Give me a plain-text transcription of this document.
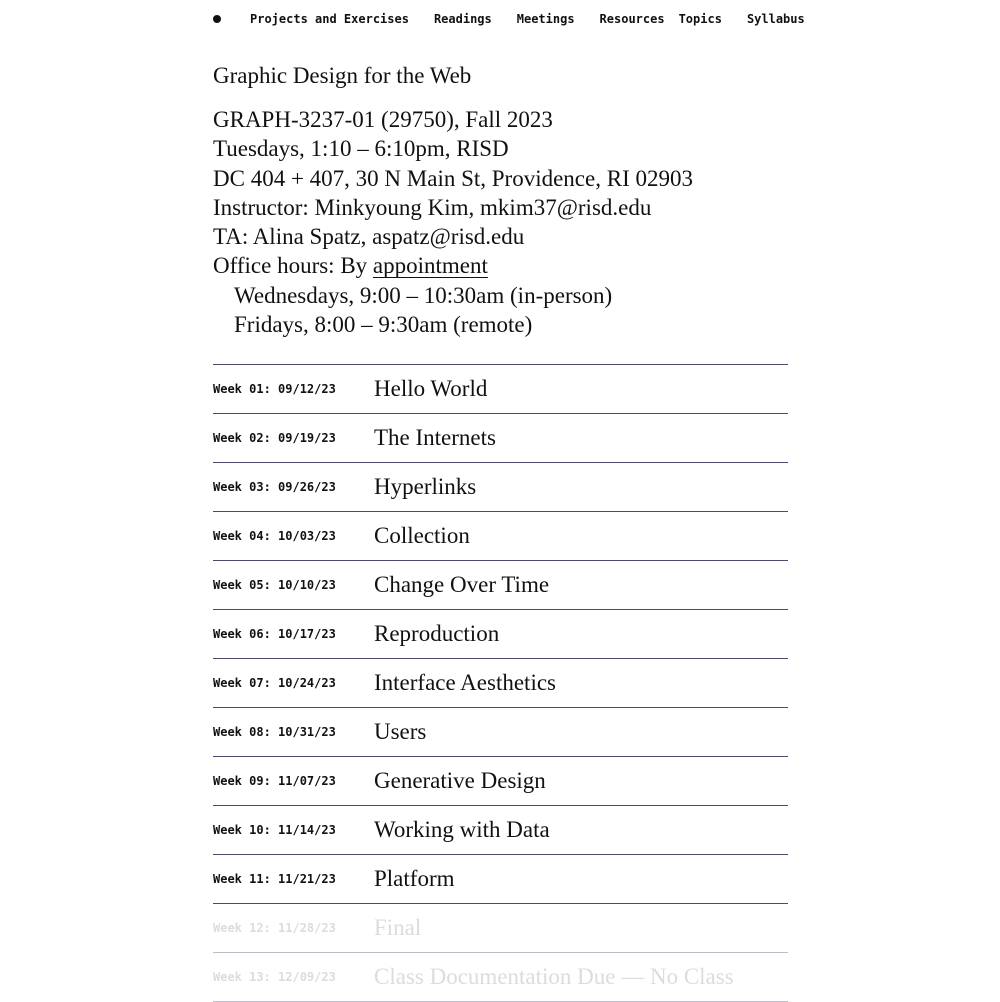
Projects and Exercises Readings Meetings Resources Topics Syllabus
Graphic Design for the Web
GRAPH-3237-01 (29750), Fall 2023
Tuesdays, 1:10 – 6:10pm, RISD
DC 404 + 407, 30 N Main St, Providence, RI 02903
Instructor: Minkyoung Kim, mkim37@risd.edu
TA: Alina Spatz, aspatz@risd.edu
Office hours: By appointment
Wednesdays, 9:00 – 10:30am (in-person)
Fridays, 8:00 – 9:30am (remote)
Week 01: 09/12/23	Hello World
Week 02: 09/19/23	The Internets
Week 03: 09/26/23	Hyperlinks
Week 04: 10/03/23	Collection
Week 05: 10/10/23	Change Over Time
Week 06: 10/17/23	Reproduction
Week 07: 10/24/23	Interface Aesthetics
Week 08: 10/31/23	Users
Week 09: 11/07/23	Generative Design
Week 10: 11/14/23	Working with Data
Week 11: 11/21/23	Platform
Week 12: 11/28/23	Final
Week 13: 12/09/23	Class Documentation Due — No Class
